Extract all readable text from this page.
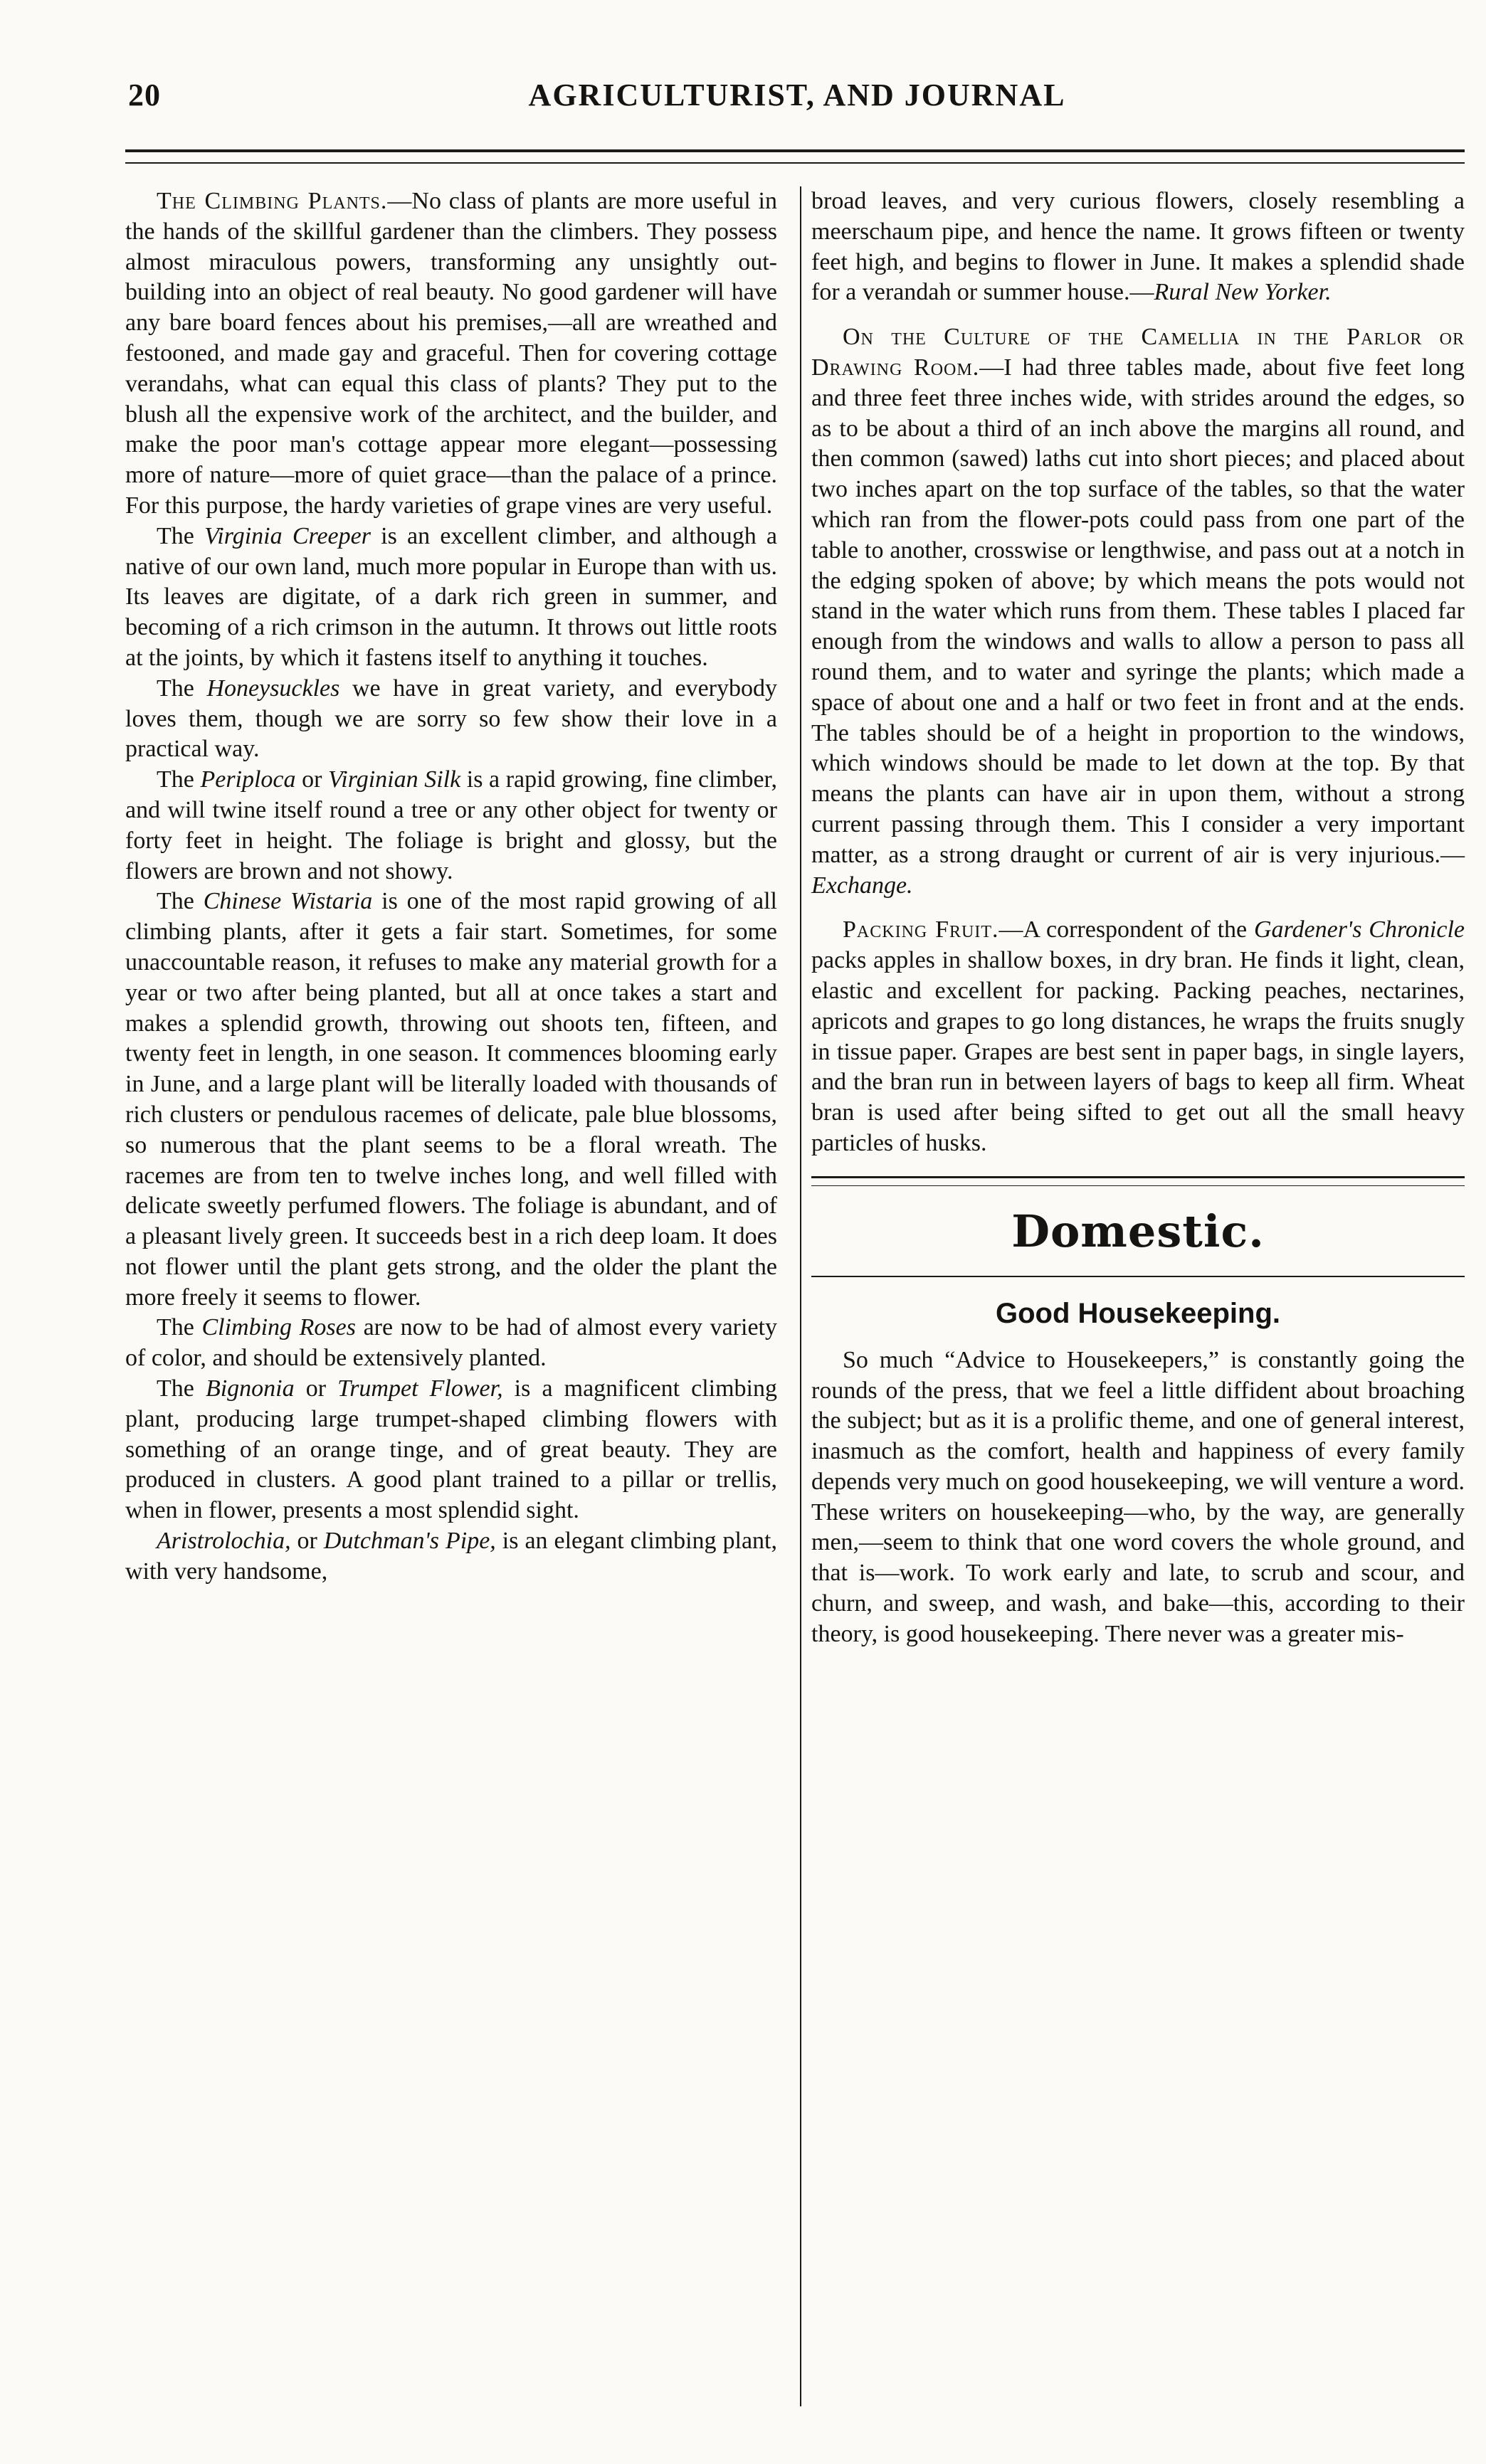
20	AGRICULTURIST, AND JOURNAL

The Climbing Plants.—No class of plants are more useful in the hands of the skillful gardener than the climbers. They possess almost miraculous powers, transforming any unsightly out-building into an object of real beauty. No good gardener will have any bare board fences about his premises,—all are wreathed and festooned, and made gay and graceful. Then for covering cottage verandahs, what can equal this class of plants? They put to the blush all the expensive work of the architect, and the builder, and make the poor man's cottage appear more elegant—possessing more of nature—more of quiet grace—than the palace of a prince. For this purpose, the hardy varieties of grape vines are very useful.

The Virginia Creeper is an excellent climber, and although a native of our own land, much more popular in Europe than with us. Its leaves are digitate, of a dark rich green in summer, and becoming of a rich crimson in the autumn. It throws out little roots at the joints, by which it fastens itself to anything it touches.

The Honeysuckles we have in great variety, and everybody loves them, though we are sorry so few show their love in a practical way.

The Periploca or Virginian Silk is a rapid growing, fine climber, and will twine itself round a tree or any other object for twenty or forty feet in height. The foliage is bright and glossy, but the flowers are brown and not showy.

The Chinese Wistaria is one of the most rapid growing of all climbing plants, after it gets a fair start. Sometimes, for some unaccountable reason, it refuses to make any material growth for a year or two after being planted, but all at once takes a start and makes a splendid growth, throwing out shoots ten, fifteen, and twenty feet in length, in one season. It commences blooming early in June, and a large plant will be literally loaded with thousands of rich clusters or pendulous racemes of delicate, pale blue blossoms, so numerous that the plant seems to be a floral wreath. The racemes are from ten to twelve inches long, and well filled with delicate sweetly perfumed flowers. The foliage is abundant, and of a pleasant lively green. It succeeds best in a rich deep loam. It does not flower until the plant gets strong, and the older the plant the more freely it seems to flower.

The Climbing Roses are now to be had of almost every variety of color, and should be extensively planted.

The Bignonia or Trumpet Flower, is a magnificent climbing plant, producing large trumpet-shaped climbing flowers with something of an orange tinge, and of great beauty. They are produced in clusters. A good plant trained to a pillar or trellis, when in flower, presents a most splendid sight.

Aristrolochia, or Dutchman's Pipe, is an elegant climbing plant, with very handsome,

broad leaves, and very curious flowers, closely resembling a meerschaum pipe, and hence the name. It grows fifteen or twenty feet high, and begins to flower in June. It makes a splendid shade for a verandah or summer house.—Rural New Yorker.

On the Culture of the Camellia in the Parlor or Drawing Room.—I had three tables made, about five feet long and three feet three inches wide, with strides around the edges, so as to be about a third of an inch above the margins all round, and then common (sawed) laths cut into short pieces; and placed about two inches apart on the top surface of the tables, so that the water which ran from the flower-pots could pass from one part of the table to another, crosswise or lengthwise, and pass out at a notch in the edging spoken of above; by which means the pots would not stand in the water which runs from them. These tables I placed far enough from the windows and walls to allow a person to pass all round them, and to water and syringe the plants; which made a space of about one and a half or two feet in front and at the ends. The tables should be of a height in proportion to the windows, which windows should be made to let down at the top. By that means the plants can have air in upon them, without a strong current passing through them. This I consider a very important matter, as a strong draught or current of air is very injurious.—Exchange.

Packing Fruit.—A correspondent of the Gardener's Chronicle packs apples in shallow boxes, in dry bran. He finds it light, clean, elastic and excellent for packing. Packing peaches, nectarines, apricots and grapes to go long distances, he wraps the fruits snugly in tissue paper. Grapes are best sent in paper bags, in single layers, and the bran run in between layers of bags to keep all firm. Wheat bran is used after being sifted to get out all the small heavy particles of husks.

Domestic.
Good Housekeeping.

So much “Advice to Housekeepers,” is constantly going the rounds of the press, that we feel a little diffident about broaching the subject; but as it is a prolific theme, and one of general interest, inasmuch as the comfort, health and happiness of every family depends very much on good housekeeping, we will venture a word. These writers on housekeeping—who, by the way, are generally men,—seem to think that one word covers the whole ground, and that is—work. To work early and late, to scrub and scour, and churn, and sweep, and wash, and bake—this, according to their theory, is good housekeeping. There never was a greater mis-
